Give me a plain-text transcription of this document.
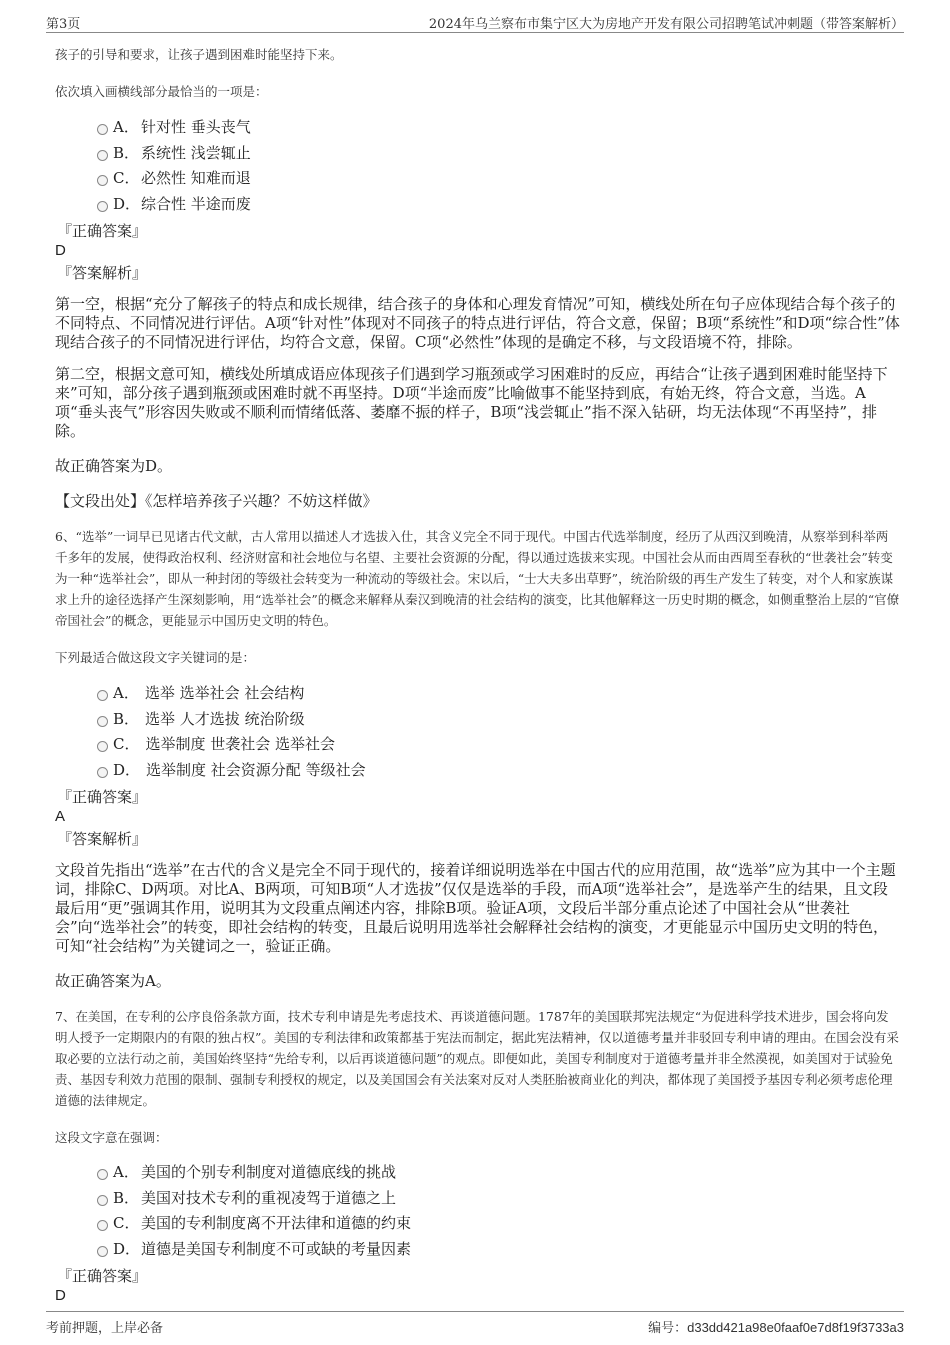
第3页	2024年乌兰察布市集宁区大为房地产开发有限公司招聘笔试冲刺题（带答案解析）

孩子的引导和要求，让孩子遇到困难时能坚持下来。

依次填入画横线部分最恰当的一项是：

A． 针对性 垂头丧气
B． 系统性 浅尝辄止
C． 必然性 知难而退
D．综合性 半途而废

『正确答案』

D

『答案解析』

第一空，根据“充分了解孩子的特点和成长规律，结合孩子的身体和心理发育情况”可知，横线处所在句子应体现结合每个孩子的不同特点、不同情况进行评估。A项“针对性”体现对不同孩子的特点进行评估，符合文意，保留；B项“系统性”和D项“综合性”体现结合孩子的不同情况进行评估，均符合文意，保留。C项“必然性”体现的是确定不移，与文段语境不符，排除。

第二空，根据文意可知，横线处所填成语应体现孩子们遇到学习瓶颈或学习困难时的反应，再结合“让孩子遇到困难时能坚持下来”可知，部分孩子遇到瓶颈或困难时就不再坚持。D项“半途而废”比喻做事不能坚持到底，有始无终，符合文意，当选。A项“垂头丧气”形容因失败或不顺利而情绪低落、萎靡不振的样子，B项“浅尝辄止”指不深入钻研，均无法体现“不再坚持”，排除。

故正确答案为D。

【文段出处】《怎样培养孩子兴趣？不妨这样做》

6、“选举”一词早已见诸古代文献，古人常用以描述人才选拔入仕，其含义完全不同于现代。中国古代选举制度，经历了从西汉到晚清，从察举到科举两千多年的发展，使得政治权利、经济财富和社会地位与名望、主要社会资源的分配，得以通过选拔来实现。中国社会从而由西周至春秋的“世袭社会”转变为一种“选举社会”，即从一种封闭的等级社会转变为一种流动的等级社会。宋以后，“士大夫多出草野”，统治阶级的再生产发生了转变，对个人和家族谋求上升的途径选择产生深刻影响，用“选举社会”的概念来解释从秦汉到晚清的社会结构的演变，比其他解释这一历史时期的概念，如侧重整治上层的“官僚帝国社会”的概念，更能显示中国历史文明的特色。

下列最适合做这段文字关键词的是：

A． 选举 选举社会 社会结构
B． 选举 人才选拔 统治阶级
C． 选举制度 世袭社会 选举社会
D． 选举制度 社会资源分配 等级社会

『正确答案』

A

『答案解析』

文段首先指出“选举”在古代的含义是完全不同于现代的，接着详细说明选举在中国古代的应用范围，故“选举”应为其中一个主题词，排除C、D两项。对比A、B两项，可知B项“人才选拔”仅仅是选举的手段，而A项“选举社会”，是选举产生的结果，且文段最后用“更”强调其作用，说明其为文段重点阐述内容，排除B项。验证A项，文段后半部分重点论述了中国社会从“世袭社会”向“选举社会”的转变，即社会结构的转变，且最后说明用选举社会解释社会结构的演变，才更能显示中国历史文明的特色，可知“社会结构”为关键词之一，验证正确。

故正确答案为A。

7、在美国，在专利的公序良俗条款方面，技术专利申请是先考虑技术、再谈道德问题。1787年的美国联邦宪法规定“为促进科学技术进步，国会将向发明人授予一定期限内的有限的独占权”。美国的专利法律和政策都基于宪法而制定，据此宪法精神，仅以道德考量并非驳回专利申请的理由。在国会没有采取必要的立法行动之前，美国始终坚持“先给专利，以后再谈道德问题”的观点。即便如此，美国专利制度对于道德考量并非全然漠视，如美国对于试验免责、基因专利效力范围的限制、强制专利授权的规定，以及美国国会有关法案对反对人类胚胎被商业化的判决，都体现了美国授予基因专利必须考虑伦理道德的法律规定。

这段文字意在强调：

A． 美国的个别专利制度对道德底线的挑战
B． 美国对技术专利的重视凌驾于道德之上
C． 美国的专利制度离不开法律和道德的约束
D．道德是美国专利制度不可或缺的考量因素

『正确答案』

D

考前押题，上岸必备	编号：d33dd421a98e0faaf0e7d8f19f3733a3
